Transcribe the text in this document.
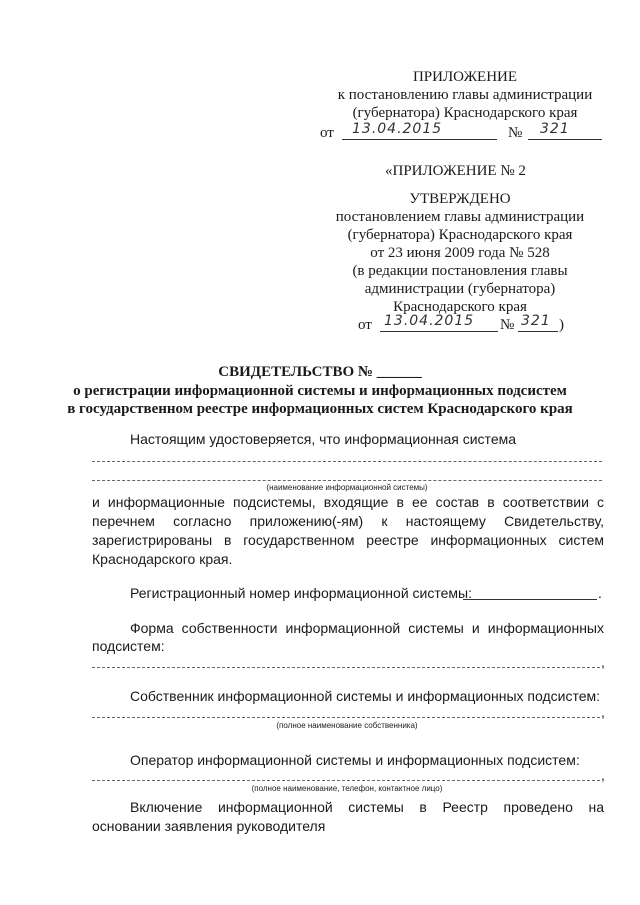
ПРИЛОЖЕНИЕ
к постановлению главы администрации
(губернатора) Краснодарского края
от 13.04.2015	№ 321
«ПРИЛОЖЕНИЕ № 2
УТВЕРЖДЕНО
постановлением главы администрации
(губернатора) Краснодарского края
от 23 июня 2009 года № 528
(в редакции постановления главы
администрации (губернатора)
Краснодарского края
от 13.04.2015 № 321 )
СВИДЕТЕЛЬСТВО № ______
о регистрации информационной системы и информационных подсистем
в государственном реестре информационных систем Краснодарского края
Настоящим удостоверяется, что информационная система
(наименование информационной системы)
и информационные подсистемы, входящие в ее состав в соответствии с
перечнем согласно приложению(-ям) к настоящему Свидетельству,
зарегистрированы в государственном реестре информационных систем
Краснодарского края.
Регистрационный номер информационной системы:	.
Форма собственности информационной системы и информационных
подсистем:
,
Собственник информационной системы и информационных подсистем:
,
(полное наименование собственника)
Оператор информационной системы и информационных подсистем:
,
(полное наименование, телефон, контактное лицо)
Включение информационной системы в Реестр проведено на
основании заявления руководителя
